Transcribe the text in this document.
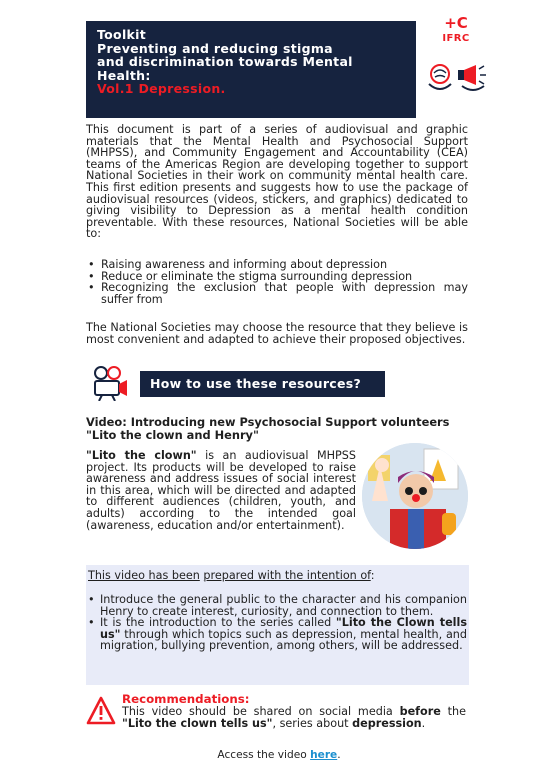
Toolkit
Preventing and reducing stigma
and discrimination towards Mental
Health:
Vol.1 Depression.
+C
IFRC

This document is part of a series of audiovisual and graphic materials that the Mental Health and Psychosocial Support (MHPSS), and Community Engagement and Accountability (CEA) teams of the Americas Region are developing together to support National Societies in their work on community mental health care. This first edition presents and suggests how to use the package of audiovisual resources (videos, stickers, and graphics) dedicated to giving visibility to Depression as a mental health condition preventable. With these resources, National Societies will be able to:

• Raising awareness and informing about depression
• Reduce or eliminate the stigma surrounding depression
• Recognizing the exclusion that people with depression may suffer from

The National Societies may choose the resource that they believe is most convenient and adapted to achieve their proposed objectives.

How to use these resources?
Video: Introducing new Psychosocial Support volunteers
"Lito the clown and Henry"

"Lito the clown" is an audiovisual MHPSS project. Its products will be developed to raise awareness and address issues of social interest in this area, which will be directed and adapted to different audiences (children, youth, and adults) according to the intended goal (awareness, education and/or entertainment).

This video has been prepared with the intention of:

• Introduce the general public to the character and his companion Henry to create interest, curiosity, and connection to them.
• It is the introduction to the series called "Lito the Clown tells us" through which topics such as depression, mental health, and migration, bullying prevention, among others, will be addressed.
Recommendations:

This video should be shared on social media before the "Lito the clown tells us", series about depression.

Access the video here.
